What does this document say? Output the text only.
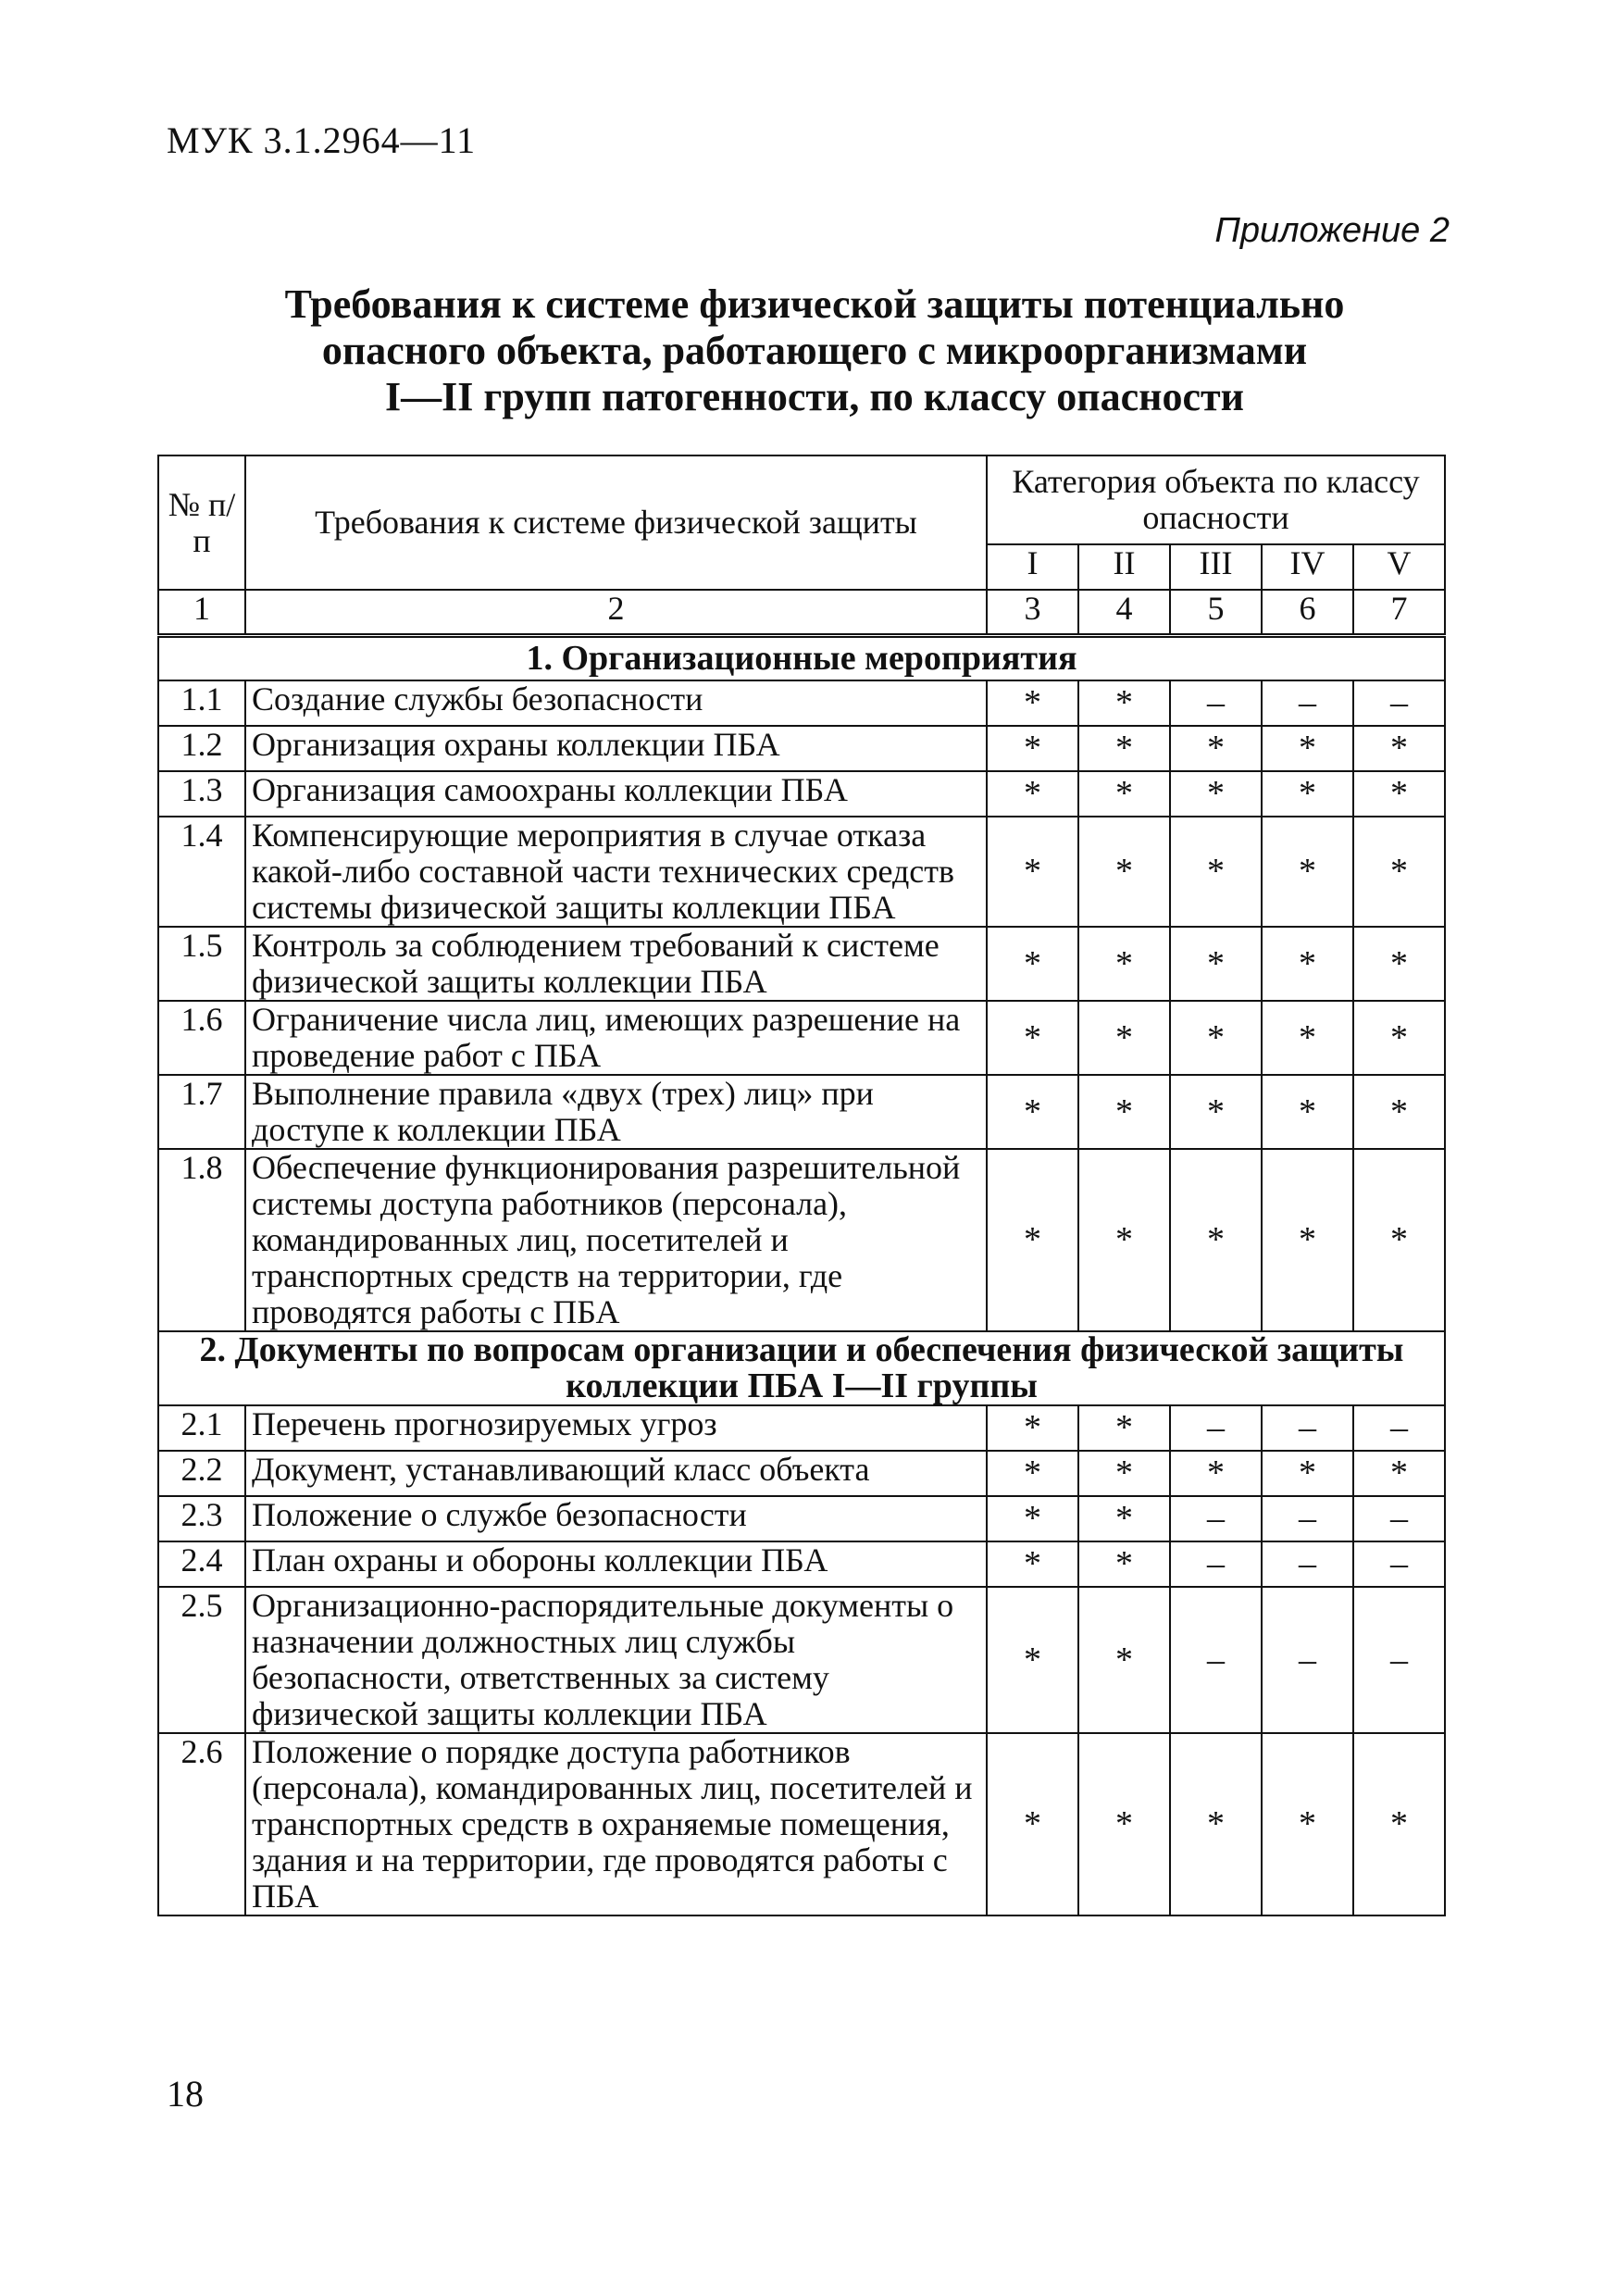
МУК 3.1.2964—11
Приложение 2
Требования к системе физической защиты потенциально
опасного объекта, работающего с микроорганизмами
I—II групп патогенности, по классу опасности
№ п/п	Требования к системе физической защиты	Категория объекта по классу опасности				
		I	II	III	IV	V
1	2	3	4	5	6	7
1. Организационные мероприятия						
1.1	Создание службы безопасности	*	*	–	–	–
1.2	Организация охраны коллекции ПБА	*	*	*	*	*
1.3	Организация самоохраны коллекции ПБА	*	*	*	*	*
1.4	Компенсирующие мероприятия в случае отказа какой-либо составной части технических средств системы физической защиты коллекции ПБА	*	*	*	*	*
1.5	Контроль за соблюдением требований к системе физической защиты коллекции ПБА	*	*	*	*	*
1.6	Ограничение числа лиц, имеющих разрешение на проведение работ с ПБА	*	*	*	*	*
1.7	Выполнение правила «двух (трех) лиц» при доступе к коллекции ПБА	*	*	*	*	*
1.8	Обеспечение функционирования разрешительной системы доступа работников (персонала), командированных лиц, посетителей и транспортных средств на территории, где проводятся работы с ПБА	*	*	*	*	*
2. Документы по вопросам организации и обеспечения физической защиты коллекции ПБА I—II группы						
2.1	Перечень прогнозируемых угроз	*	*	–	–	–
2.2	Документ, устанавливающий класс объекта	*	*	*	*	*
2.3	Положение о службе безопасности	*	*	–	–	–
2.4	План охраны и обороны коллекции ПБА	*	*	–	–	–
2.5	Организационно-распорядительные документы о назначении должностных лиц службы безопасности, ответственных за систему физической защиты коллекции ПБА	*	*	–	–	–
2.6	Положение о порядке доступа работников (персонала), командированных лиц, посетителей и транспортных средств в охраняемые помещения, здания и на территории, где проводятся работы с ПБА	*	*	*	*	*
18
